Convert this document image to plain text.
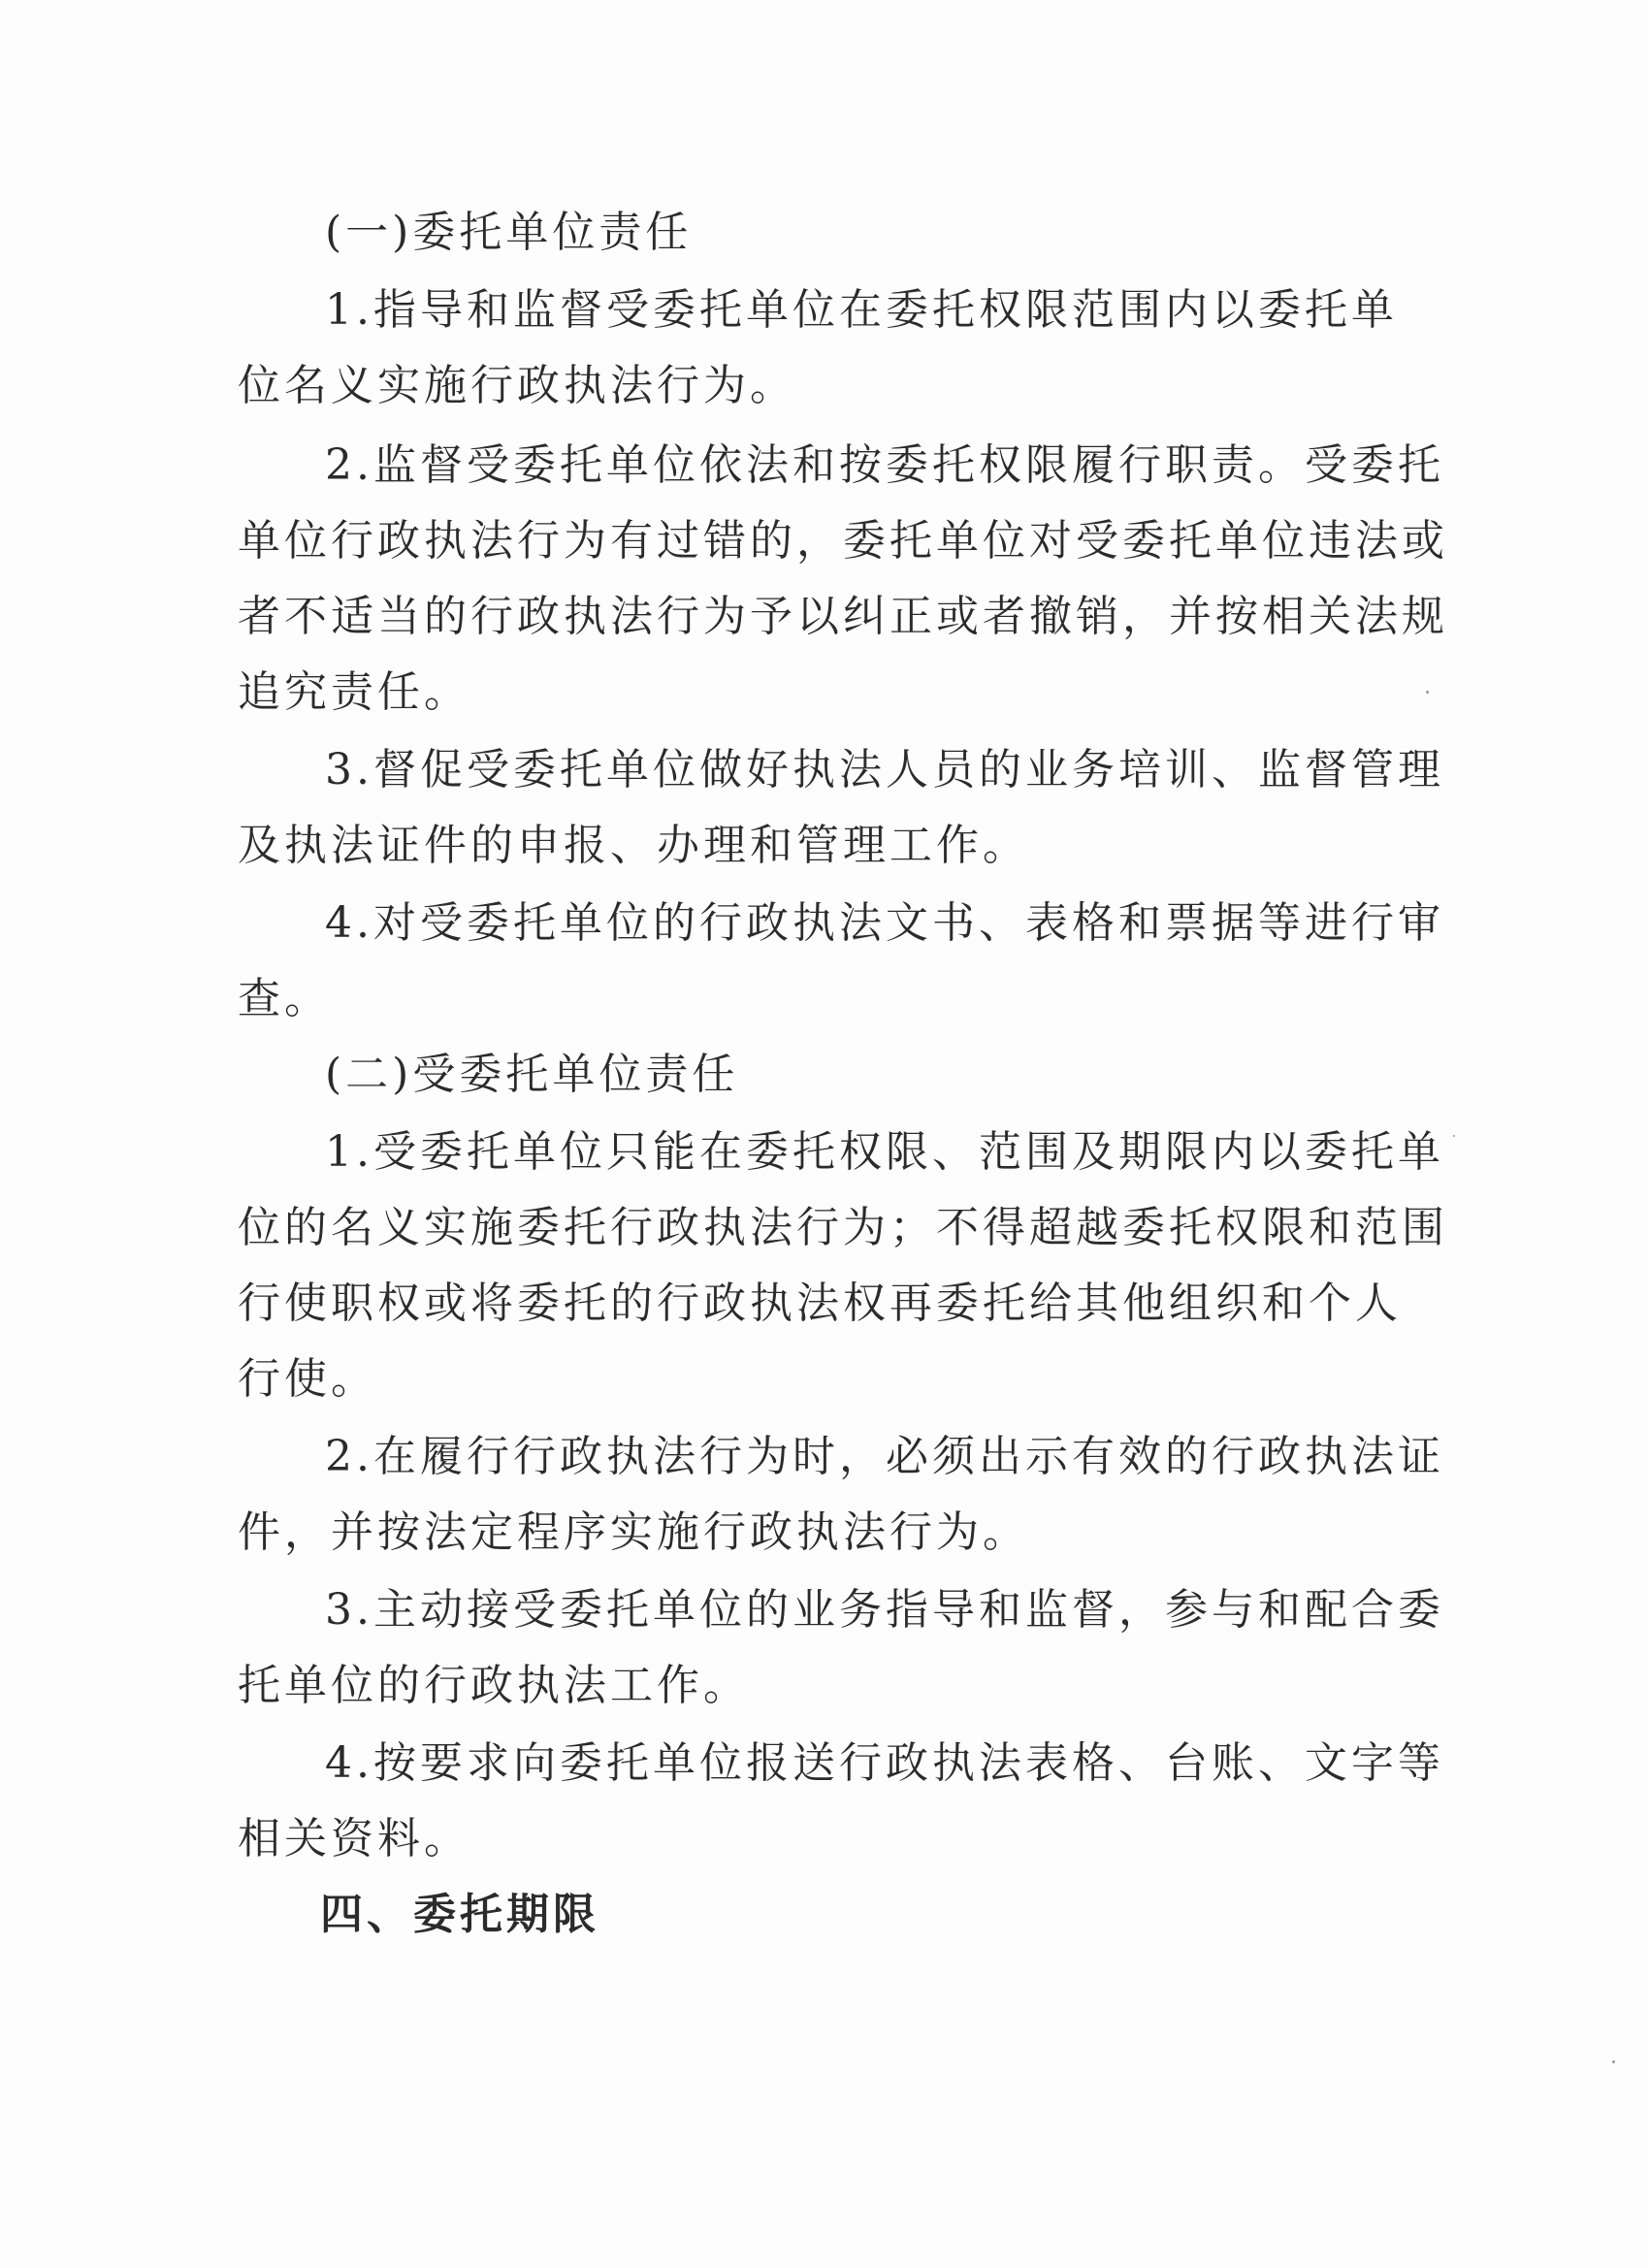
(一)委托单位责任
1.指导和监督受委托单位在委托权限范围内以委托单
位名义实施行政执法行为。
2.监督受委托单位依法和按委托权限履行职责。受委托
单位行政执法行为有过错的，委托单位对受委托单位违法或
者不适当的行政执法行为予以纠正或者撤销，并按相关法规
追究责任。
3.督促受委托单位做好执法人员的业务培训、监督管理
及执法证件的申报、办理和管理工作。
4.对受委托单位的行政执法文书、表格和票据等进行审
查。
(二)受委托单位责任
1.受委托单位只能在委托权限、范围及期限内以委托单
位的名义实施委托行政执法行为；不得超越委托权限和范围
行使职权或将委托的行政执法权再委托给其他组织和个人
行使。
2.在履行行政执法行为时，必须出示有效的行政执法证
件，并按法定程序实施行政执法行为。
3.主动接受委托单位的业务指导和监督，参与和配合委
托单位的行政执法工作。
4.按要求向委托单位报送行政执法表格、台账、文字等
相关资料。
四、委托期限
